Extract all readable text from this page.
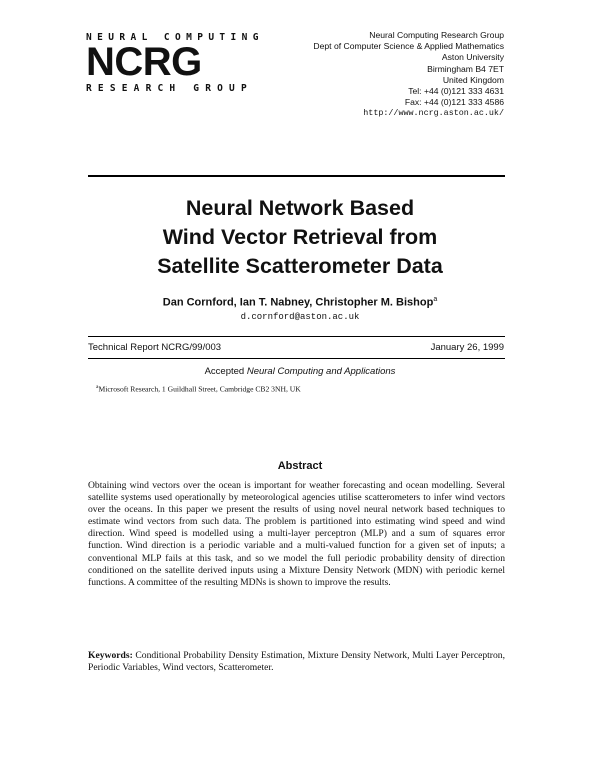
NEURAL COMPUTING
NCRG
RESEARCH GROUP
Neural Computing Research Group
Dept of Computer Science & Applied Mathematics
Aston University
Birmingham B4 7ET
United Kingdom
Tel: +44 (0)121 333 4631
Fax: +44 (0)121 333 4586
http://www.ncrg.aston.ac.uk/
Neural Network Based
Wind Vector Retrieval from
Satellite Scatterometer Data
Dan Cornford, Ian T. Nabney, Christopher M. Bishop$^a$
d.cornford@aston.ac.uk
Technical Report NCRG/99/003	January 26, 1999
Accepted Neural Computing and Applications
$^a$Microsoft Research, 1 Guildhall Street, Cambridge CB2 3NH, UK
Abstract
Obtaining wind vectors over the ocean is important for weather forecasting and ocean modelling. Several satellite systems used operationally by meteorological agencies utilise scatterometers to infer wind vectors over the oceans. In this paper we present the results of using novel neural network based techniques to estimate wind vectors from such data. The problem is partitioned into estimating wind speed and wind direction. Wind speed is modelled using a multi-layer perceptron (MLP) and a sum of squares error function. Wind direction is a periodic variable and a multi-valued function for a given set of inputs; a conventional MLP fails at this task, and so we model the full periodic probability density of direction conditioned on the satellite derived inputs using a Mixture Density Network (MDN) with periodic kernel functions. A committee of the resulting MDNs is shown to improve the results.
Keywords: Conditional Probability Density Estimation, Mixture Density Network, Multi Layer Perceptron, Periodic Variables, Wind vectors, Scatterometer.
